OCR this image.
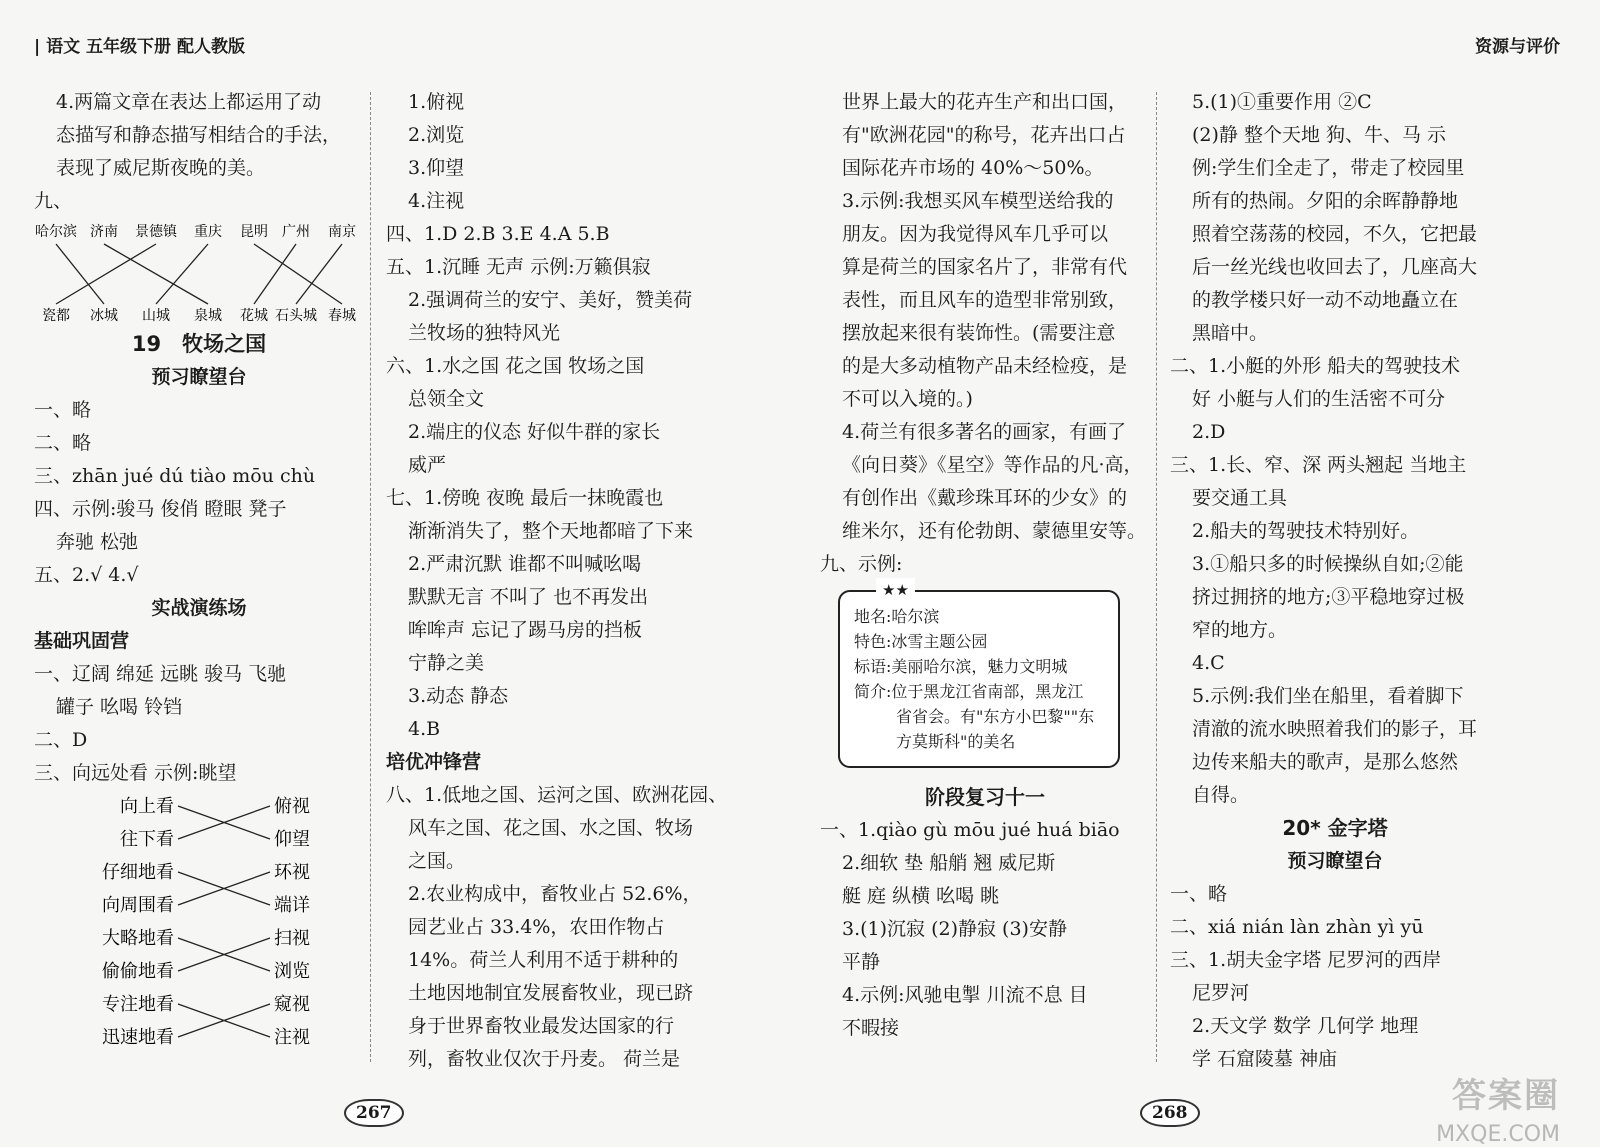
| 语文 五年级下册 配人教版
4.两篇文章在表达上都运用了动
态描写和静态描写相结合的手法，
表现了威尼斯夜晚的美。
九、
哈尔滨 济南 景德镇 重庆 昆明 广州 南京
瓷都 冰城 山城 泉城 花城 石头城 春城
19　牧场之国
预习瞭望台
一、略
二、略
三、zhān jué dú tiào mōu chù
四、示例:骏马 俊俏 瞪眼 凳子
奔驰 松弛
五、2.√ 4.√
实战演练场
基础巩固营
一、辽阔 绵延 远眺 骏马 飞驰
罐子 吆喝 铃铛
二、D
三、向远处看 示例:眺望
向上看
往下看
仔细地看
向周围看
大略地看
偷偷地看
专注地看
迅速地看
俯视
仰望
环视
端详
扫视
浏览
窥视
注视
1.俯视
2.浏览
3.仰望
4.注视
四、1.D 2.B 3.E 4.A 5.B
五、1.沉睡 无声 示例:万籁俱寂
2.强调荷兰的安宁、美好，赞美荷
兰牧场的独特风光
六、1.水之国 花之国 牧场之国
总领全文
2.端庄的仪态 好似牛群的家长
威严
七、1.傍晚 夜晚 最后一抹晚霞也
渐渐消失了，整个天地都暗了下来
2.严肃沉默 谁都不叫喊吆喝
默默无言 不叫了 也不再发出
哞哞声 忘记了踢马房的挡板
宁静之美
3.动态 静态
4.B
培优冲锋营
八、1.低地之国、运河之国、欧洲花园、
风车之国、花之国、水之国、牧场
之国。
2.农业构成中，畜牧业占 52.6%，
园艺业占 33.4%，农田作物占
14%。荷兰人利用不适于耕种的
土地因地制宜发展畜牧业，现已跻
身于世界畜牧业最发达国家的行
列，畜牧业仅次于丹麦。 荷兰是
267
资源与评价
世界上最大的花卉生产和出口国，
有"欧洲花园"的称号，花卉出口占
国际花卉市场的 40%～50%。
3.示例:我想买风车模型送给我的
朋友。因为我觉得风车几乎可以
算是荷兰的国家名片了，非常有代
表性，而且风车的造型非常别致，
摆放起来很有装饰性。(需要注意
的是大多动植物产品未经检疫，是
不可以入境的。)
4.荷兰有很多著名的画家，有画了
《向日葵》《星空》等作品的凡·高，
有创作出《戴珍珠耳环的少女》的
维米尔，还有伦勃朗、蒙德里安等。
九、示例:
阶段复习十一
一、1.qiào gù mōu jué huá biāo
2.细软 垫 船艄 翘 威尼斯
艇 庭 纵横 吆喝 眺
3.(1)沉寂 (2)静寂 (3)安静
平静
4.示例:风驰电掣 川流不息 目
不暇接
★★
地名:哈尔滨
特色:冰雪主题公园
标语:美丽哈尔滨，魅力文明城
简介:位于黑龙江省南部，黑龙江
省省会。有"东方小巴黎""东
方莫斯科"的美名
5.(1)①重要作用 ②C
(2)静 整个天地 狗、牛、马 示
例:学生们全走了，带走了校园里
所有的热闹。夕阳的余晖静静地
照着空荡荡的校园，不久，它把最
后一丝光线也收回去了，几座高大
的教学楼只好一动不动地矗立在
黑暗中。
二、1.小艇的外形 船夫的驾驶技术
好 小艇与人们的生活密不可分
2.D
三、1.长、窄、深 两头翘起 当地主
要交通工具
2.船夫的驾驶技术特别好。
3.①船只多的时候操纵自如;②能
挤过拥挤的地方;③平稳地穿过极
窄的地方。
4.C
5.示例:我们坐在船里，看着脚下
清澈的流水映照着我们的影子，耳
边传来船夫的歌声，是那么悠然
自得。
20* 金字塔
预习瞭望台
一、略
二、xiá nián làn zhàn yì yū
三、1.胡夫金字塔 尼罗河的西岸
尼罗河
2.天文学 数学 几何学 地理
学 石窟陵墓 神庙
268	答案圈
MXQE.COM
